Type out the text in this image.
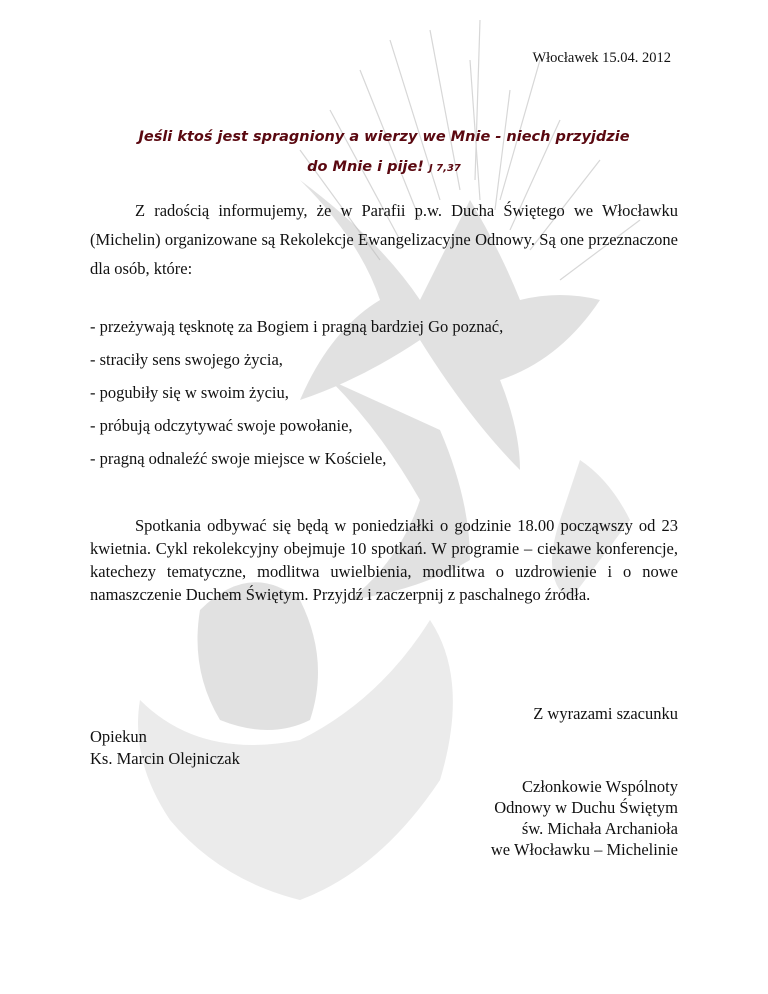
Włocławek 15.04. 2012
Jeśli ktoś jest spragniony a wierzy we Mnie - niech przyjdzie
do Mnie i pije! J 7,37

Z radością informujemy, że w Parafii p.w. Ducha Świętego we Włocławku (Michelin) organizowane są Rekolekcje Ewangelizacyjne Odnowy. Są one przeznaczone dla osób, które:

- przeżywają tęsknotę za Bogiem i pragną bardziej Go poznać,
- straciły sens swojego życia,
- pogubiły się w swoim życiu,
- próbują odczytywać swoje powołanie,
- pragną odnaleźć swoje miejsce w Kościele,

Spotkania odbywać się będą w poniedziałki o godzinie 18.00 począwszy od 23 kwietnia. Cykl rekolekcyjny obejmuje 10 spotkań. W programie – ciekawe konferencje, katechezy tematyczne, modlitwa uwielbienia, modlitwa o uzdrowienie i o nowe namaszczenie Duchem Świętym. Przyjdź i zaczerpnij z paschalnego źródła.

Z wyrazami szacunku
Opiekun
Ks. Marcin Olejniczak
Członkowie Wspólnoty
Odnowy w Duchu Świętym
św. Michała Archanioła
we Włocławku – Michelinie
